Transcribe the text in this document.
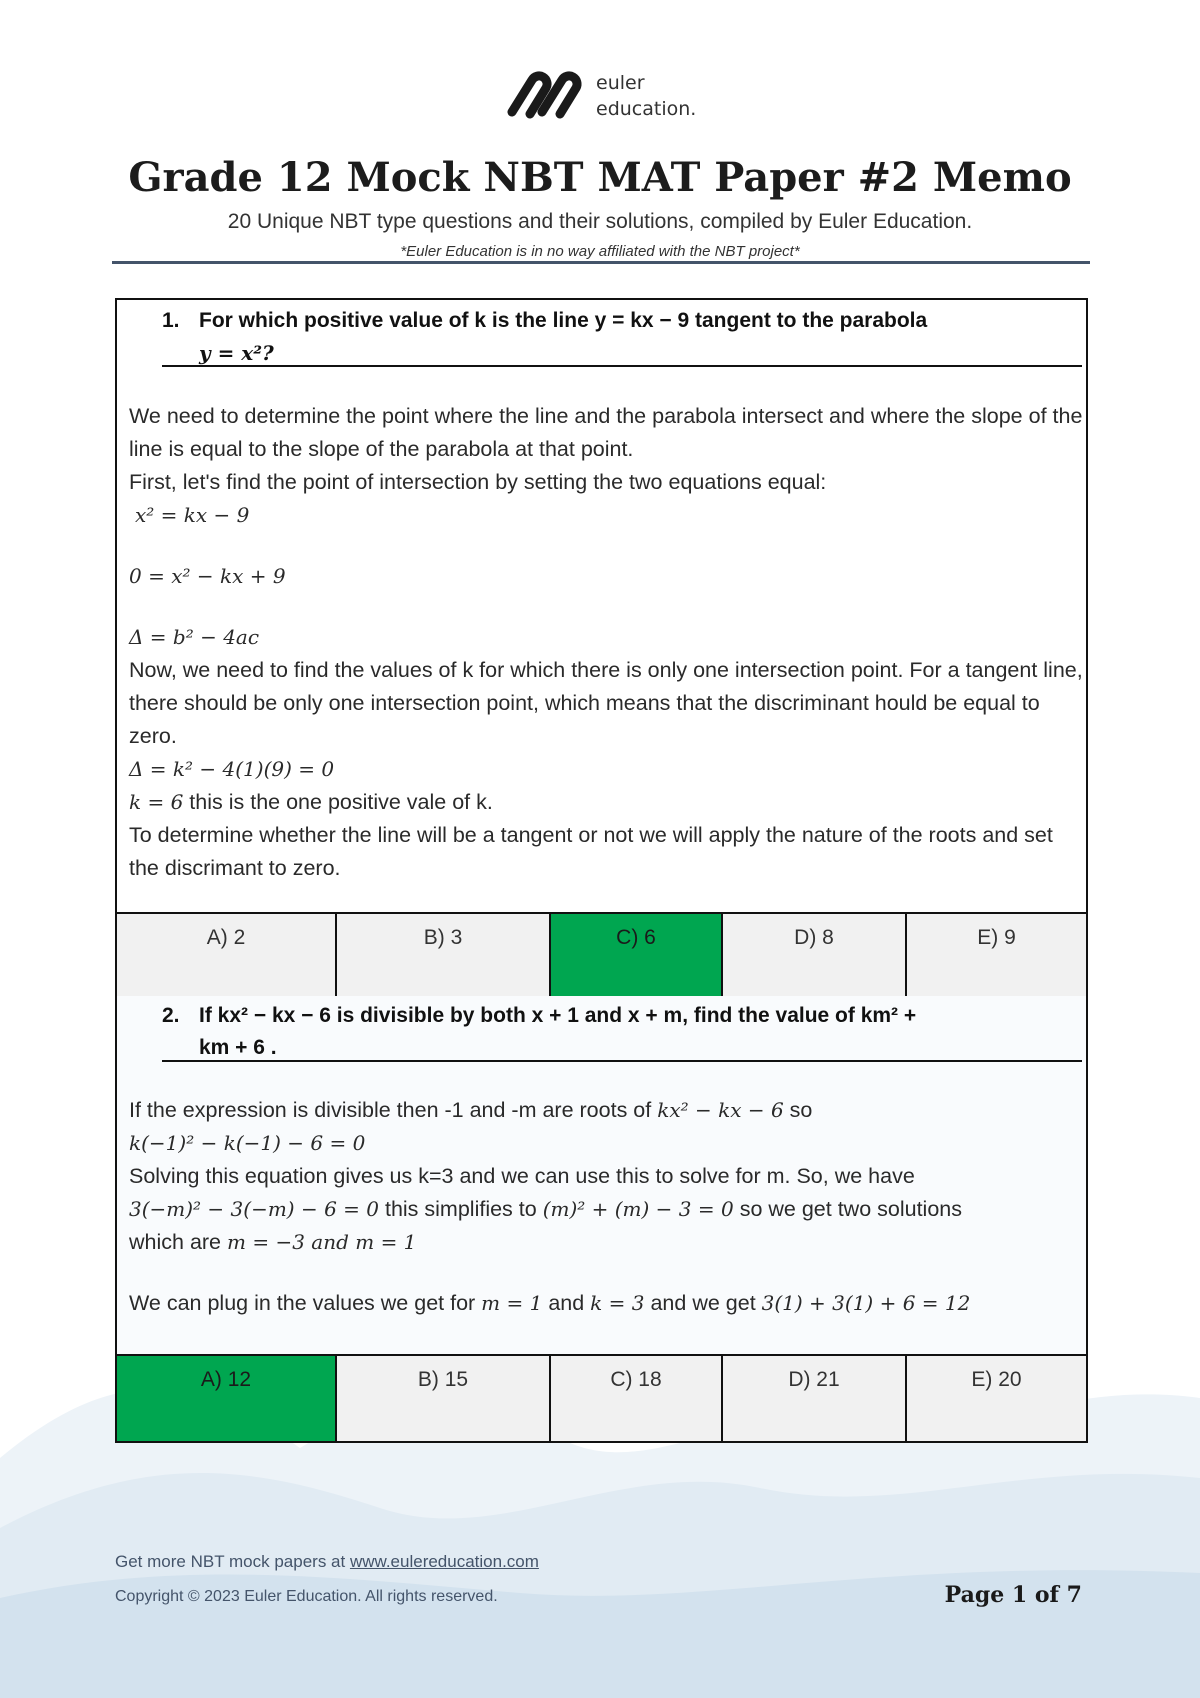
euler
education.
Grade 12 Mock NBT MAT Paper #2 Memo
20 Unique NBT type questions and their solutions, compiled by Euler Education.
*Euler Education is in no way affiliated with the NBT project*
1. For which positive value of k is the line y = kx − 9 tangent to the parabola
y = x²?

We need to determine the point where the line and the parabola intersect and where the slope of the line is equal to the slope of the parabola at that point.

First, let's find the point of intersection by setting the two equations equal:

x² = kx − 9

0 = x² − kx + 9

Δ = b² − 4ac

Now, we need to find the values of k for which there is only one intersection point. For a tangent line, there should be only one intersection point, which means that the discriminant hould be equal to zero.

Δ = k² − 4(1)(9) = 0

k = 6 this is the one positive vale of k.

To determine whether the line will be a tangent or not we will apply the nature of the roots and set the discrimant to zero.

A) 2	B) 3	C) 6	D) 8	E) 9
2. If kx² − kx − 6 is divisible by both x + 1 and x + m, find the value of km² +
km + 6 .

If the expression is divisible then -1 and -m are roots of kx² − kx − 6 so

k(−1)² − k(−1) − 6 = 0

Solving this equation gives us k=3 and we can use this to solve for m. So, we have

3(−m)² − 3(−m) − 6 = 0 this simplifies to (m)² + (m) − 3 = 0 so we get two solutions

which are m = −3 and m = 1

We can plug in the values we get for m = 1 and k = 3 and we get 3(1) + 3(1) + 6 = 12

A) 12	B) 15	C) 18	D) 21	E) 20
Get more NBT mock papers at www.eulereducation.com
Copyright © 2023 Euler Education. All rights reserved.	Page 1 of 7
